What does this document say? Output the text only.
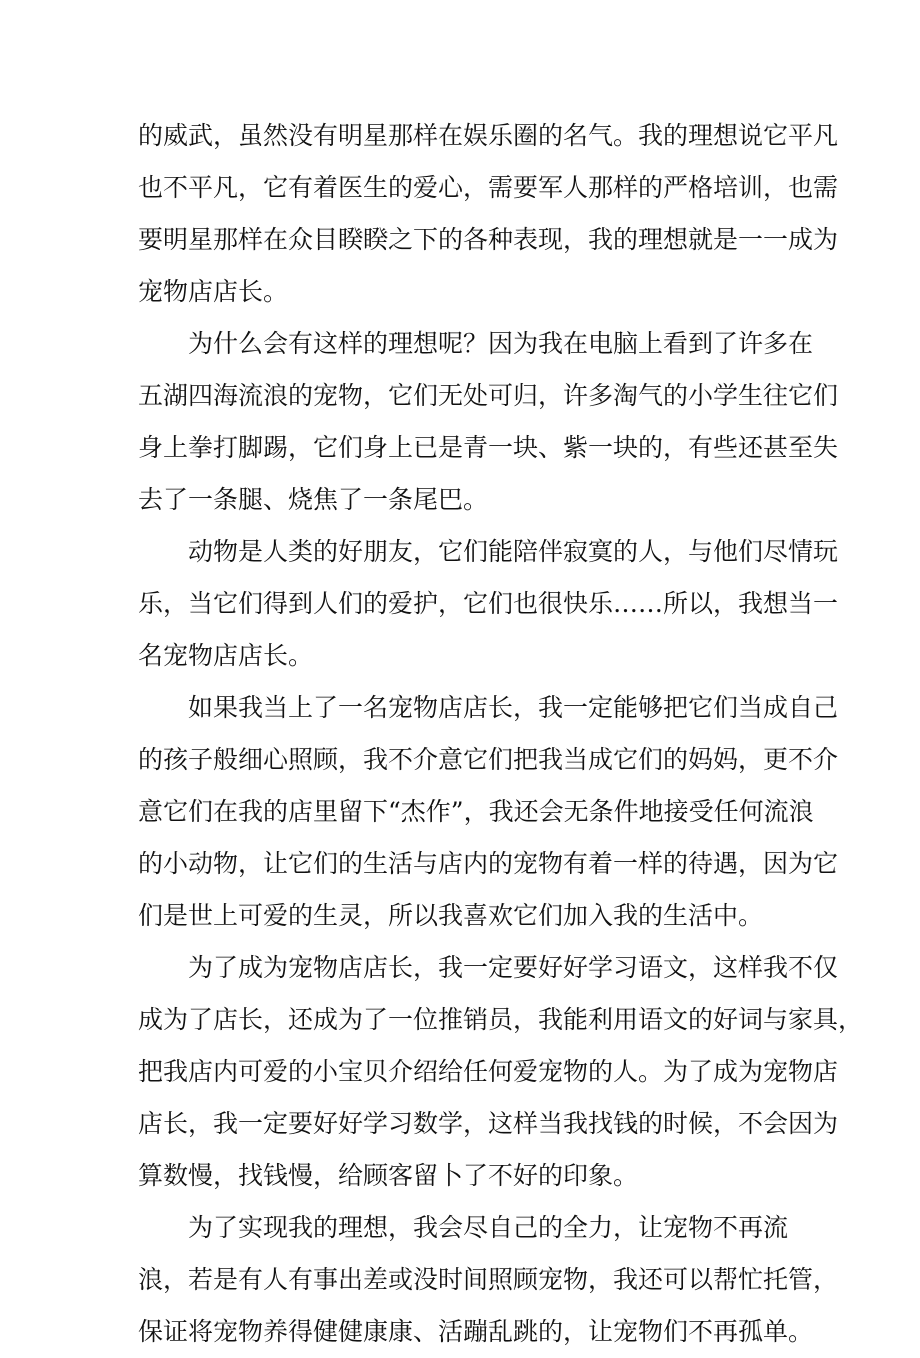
的威武，虽然没有明星那样在娱乐圈的名气。我的理想说它平凡
也不平凡，它有着医生的爱心，需要军人那样的严格培训，也需
要明星那样在众目睽睽之下的各种表现，我的理想就是一一成为
宠物店店长。
为什么会有这样的理想呢？因为我在电脑上看到了许多在
五湖四海流浪的宠物，它们无处可归，许多淘气的小学生往它们
身上拳打脚踢，它们身上已是青一块、紫一块的，有些还甚至失
去了一条腿、烧焦了一条尾巴。
动物是人类的好朋友，它们能陪伴寂寞的人，与他们尽情玩
乐，当它们得到人们的爱护，它们也很快乐……所以，我想当一
名宠物店店长。
如果我当上了一名宠物店店长，我一定能够把它们当成自己
的孩子般细心照顾，我不介意它们把我当成它们的妈妈，更不介
意它们在我的店里留下“杰作”，我还会无条件地接受任何流浪
的小动物，让它们的生活与店内的宠物有着一样的待遇，因为它
们是世上可爱的生灵，所以我喜欢它们加入我的生活中。
为了成为宠物店店长，我一定要好好学习语文，这样我不仅
成为了店长，还成为了一位推销员，我能利用语文的好词与家具，
把我店内可爱的小宝贝介绍给任何爱宠物的人。为了成为宠物店
店长，我一定要好好学习数学，这样当我找钱的时候，不会因为
算数慢，找钱慢，给顾客留卜了不好的印象。
为了实现我的理想，我会尽自己的全力，让宠物不再流
浪，若是有人有事出差或没时间照顾宠物，我还可以帮忙托管，
保证将宠物养得健健康康、活蹦乱跳的，让宠物们不再孤单。
